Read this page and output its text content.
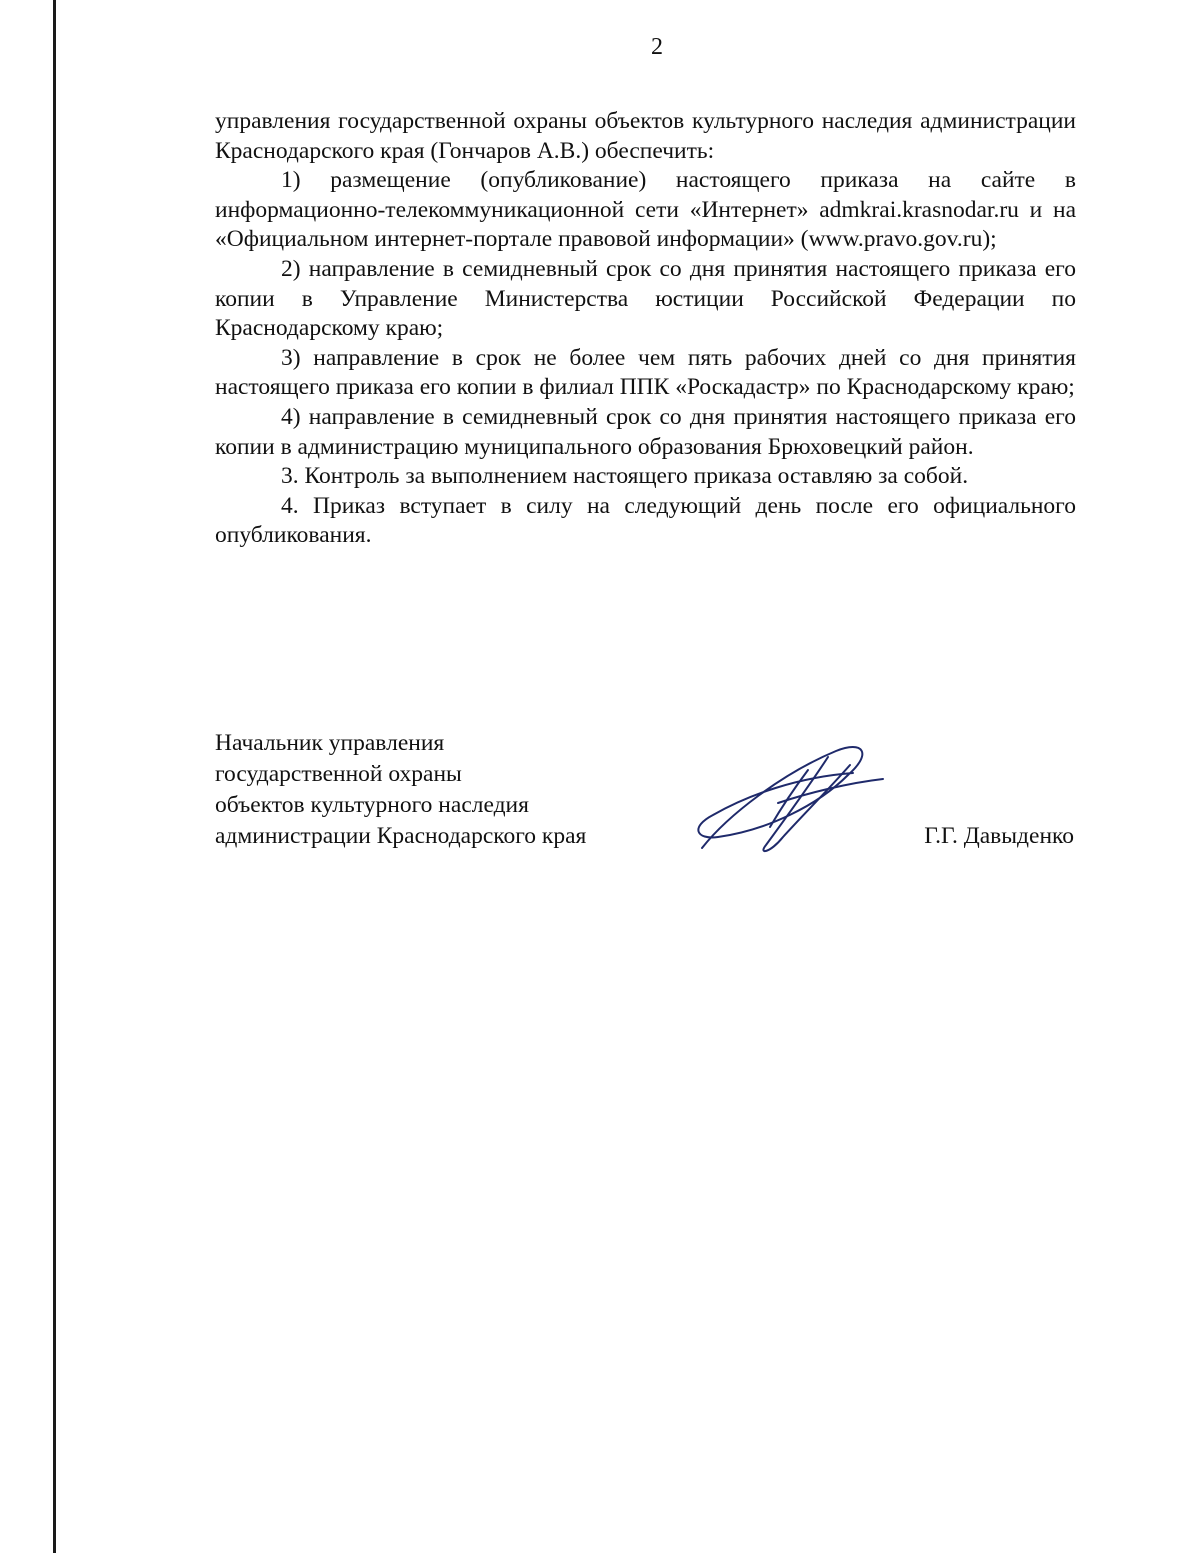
2

управления государственной охраны объектов культурного наследия администрации Краснодарского края (Гончаров А.В.) обеспечить:

1) размещение (опубликование) настоящего приказа на сайте в информационно-телекоммуникационной сети «Интернет» admkrai.krasnodar.ru и на «Официальном интернет-портале правовой информации» (www.pravo.gov.ru);

2) направление в семидневный срок со дня принятия настоящего приказа его копии в Управление Министерства юстиции Российской Федерации по Краснодарскому краю;

3) направление в срок не более чем пять рабочих дней со дня принятия настоящего приказа его копии в филиал ППК «Роскадастр» по Краснодарскому краю;

4) направление в семидневный срок со дня принятия настоящего приказа его копии в администрацию муниципального образования Брюховецкий район.

3. Контроль за выполнением настоящего приказа оставляю за собой.

4. Приказ вступает в силу на следующий день после его официального опубликования.

Начальник управления
государственной охраны
объектов культурного наследия
администрации Краснодарского края	Г.Г. Давыденко
